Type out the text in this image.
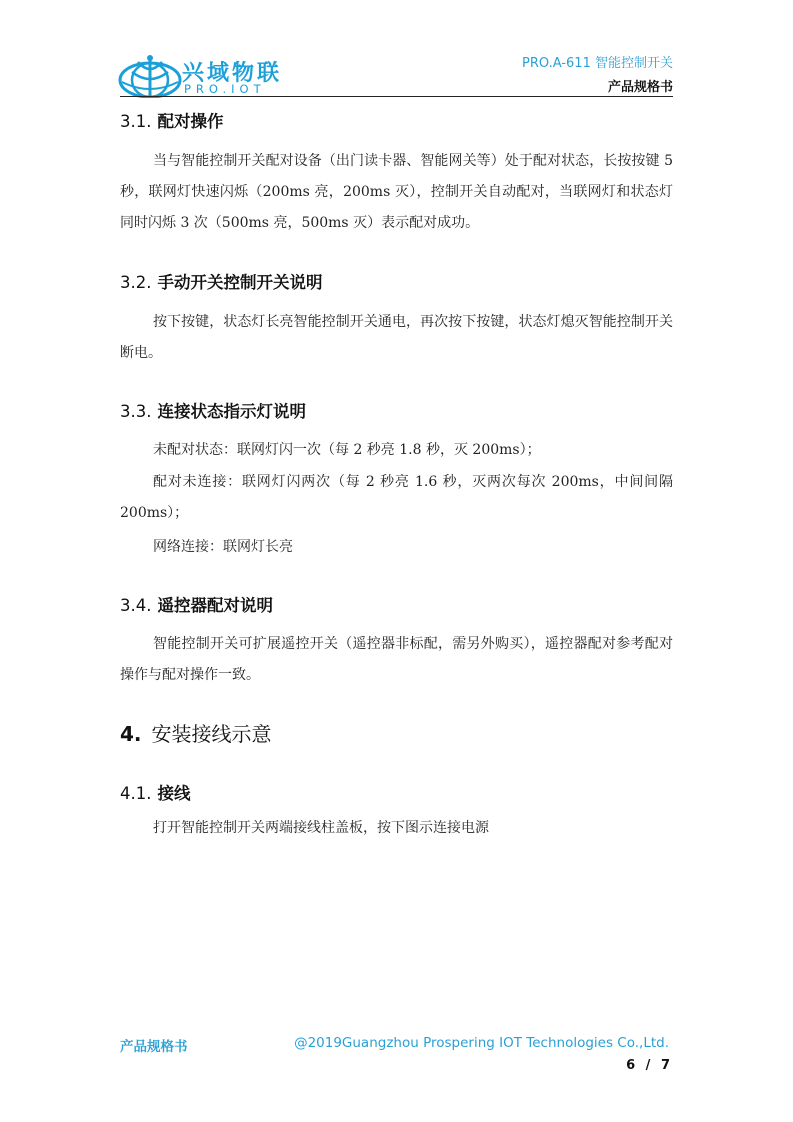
兴域物联
PRO.IOT
PRO.A-611 智能控制开关
产品规格书
3.1. 配对操作
当与智能控制开关配对设备（出门读卡器、智能网关等）处于配对状态，长按按键 5 秒，联网灯快速闪烁（200ms 亮，200ms 灭），控制开关自动配对，当联网灯和状态灯同时闪烁 3 次（500ms 亮，500ms 灭）表示配对成功。
3.2. 手动开关控制开关说明
按下按键，状态灯长亮智能控制开关通电，再次按下按键，状态灯熄灭智能控制开关断电。
3.3. 连接状态指示灯说明
未配对状态：联网灯闪一次（每 2 秒亮 1.8 秒，灭 200ms）；
配对未连接：联网灯闪两次（每 2 秒亮 1.6 秒，灭两次每次 200ms，中间间隔 200ms）；
网络连接：联网灯长亮
3.4. 遥控器配对说明
智能控制开关可扩展遥控开关（遥控器非标配，需另外购买），遥控器配对参考配对操作与配对操作一致。
4. 安装接线示意
4.1. 接线
打开智能控制开关两端接线柱盖板，按下图示连接电源
产品规格书	@2019Guangzhou Prospering IOT Technologies Co.,Ltd.
6 / 7
